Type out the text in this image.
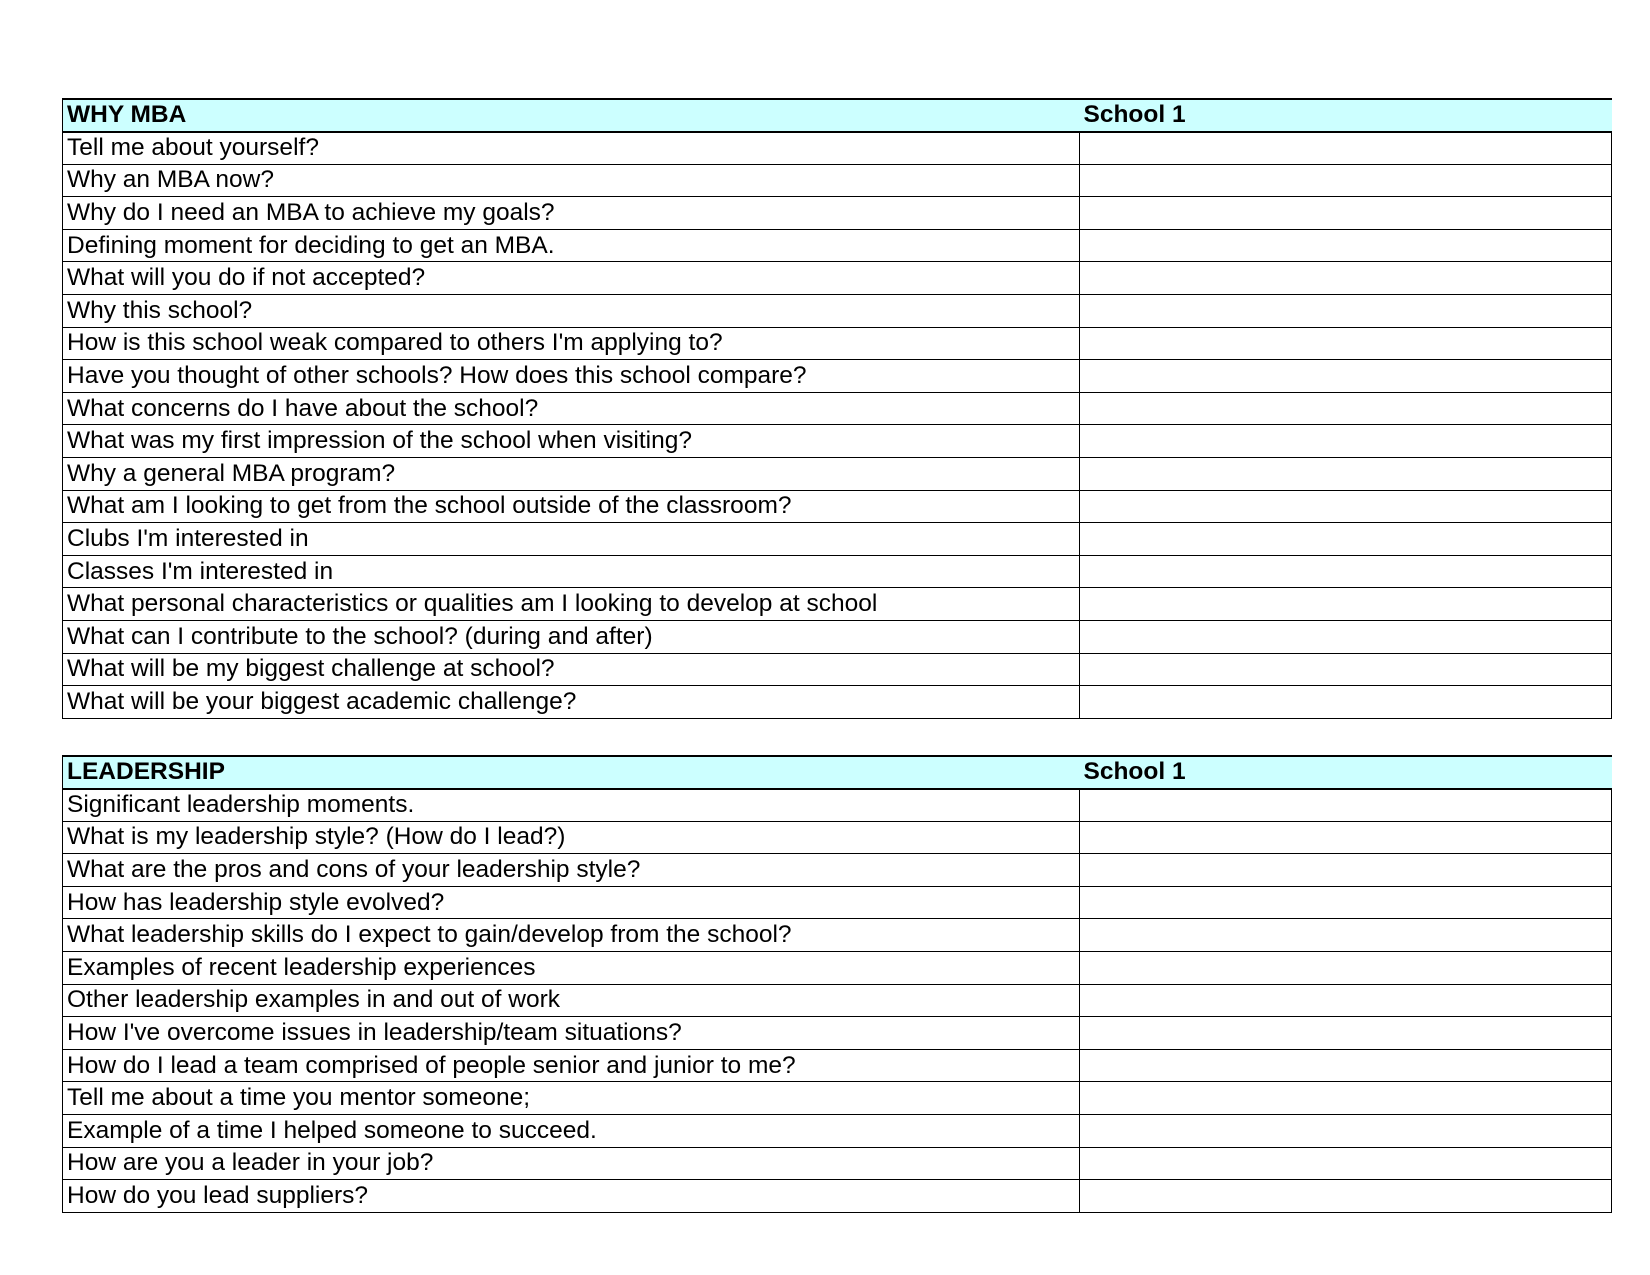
WHY MBA	School 1
Tell me about yourself?	
Why an MBA now?	
Why do I need an MBA to achieve my goals?	
Defining moment for deciding to get an MBA.	
What will you do if not accepted?	
Why this school?	
How is this school weak compared to others I'm applying to?	
Have you thought of other schools? How does this school compare?	
What concerns do I have about the school?	
What was my first impression of the school when visiting?	
Why a general MBA program?	
What am I looking to get from the school outside of the classroom?	
Clubs I'm interested in	
Classes I'm interested in	
What personal characteristics or qualities am I looking to develop at school	
What can I contribute to the school? (during and after)	
What will be my biggest challenge at school?	
What will be your biggest academic challenge?	
LEADERSHIP	School 1
Significant leadership moments.	
What is my leadership style? (How do I lead?)	
What are the pros and cons of your leadership style?	
How has leadership style evolved?	
What leadership skills do I expect to gain/develop from the school?	
Examples of recent leadership experiences	
Other leadership examples in and out of work	
How I've overcome issues in leadership/team situations?	
How do I lead a team comprised of people senior and junior to me?	
Tell me about a time you mentor someone;	
Example of a time I helped someone to succeed.	
How are you a leader in your job?	
How do you lead suppliers?	
